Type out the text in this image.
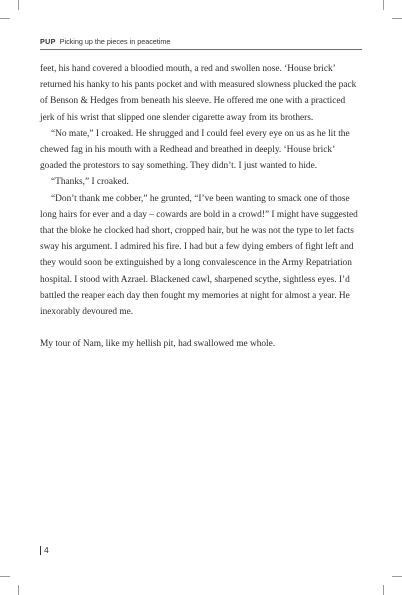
PUP Picking up the pieces in peacetime

feet, his hand covered a bloodied mouth, a red and swollen nose. ‘House brick’ returned his hanky to his pants pocket and with measured slowness plucked the pack of Benson & Hedges from beneath his sleeve. He offered me one with a practiced jerk of his wrist that slipped one slender cigarette away from its brothers.

“No mate,” I croaked. He shrugged and I could feel every eye on us as he lit the chewed fag in his mouth with a Redhead and breathed in deeply. ‘House brick’ goaded the protestors to say something. They didn’t. I just wanted to hide.

“Thanks,” I croaked.

“Don’t thank me cobber,” he grunted, “I’ve been wanting to smack one of those long hairs for ever and a day – cowards are bold in a crowd!” I might have suggested that the bloke he clocked had short, cropped hair, but he was not the type to let facts sway his argument. I admired his fire. I had but a few dying embers of fight left and they would soon be extinguished by a long convalescence in the Army Repatriation hospital. I stood with Azrael. Blackened cawl, sharpened scythe, sightless eyes. I’d battled the reaper each day then fought my memories at night for almost a year. He inexorably devoured me.

My tour of Nam, like my hellish pit, had swallowed me whole.

4
